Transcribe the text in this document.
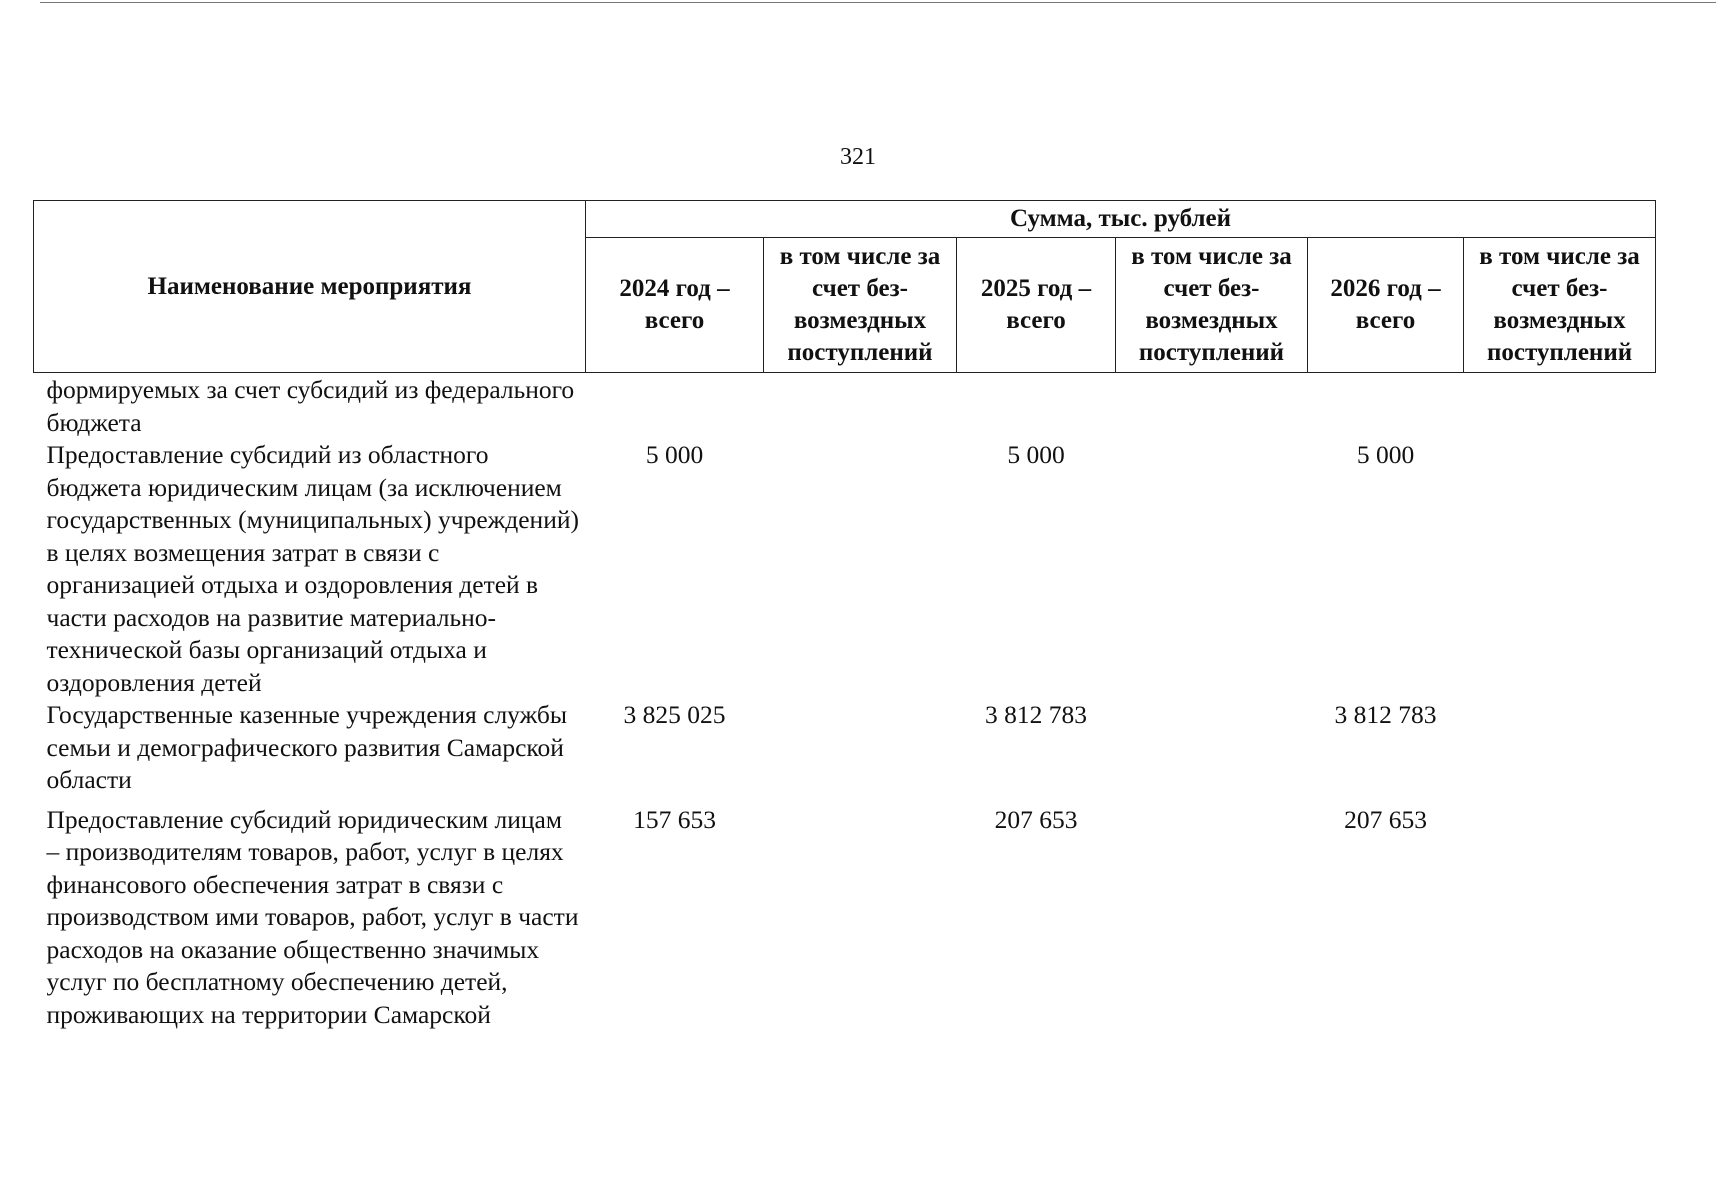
321
Наименование мероприятия	Сумма, тыс. рублей					
	2024 год – всего	в том числе за счет без-возмездных поступлений	2025 год – всего	в том числе за счет без-возмездных поступлений	2026 год – всего	в том числе за счет без-возмездных поступлений
формируемых за счет субсидий из федерального бюджета						
Предоставление субсидий из областного бюджета юридическим лицам (за исключением государственных (муниципальных) учреждений) в целях возмещения затрат в связи с организацией отдыха и оздоровления детей в части расходов на развитие материально-технической базы организаций отдыха и оздоровления детей	5 000		5 000		5 000	
Государственные казенные учреждения службы семьи и демографического развития Самарской области	3 825 025		3 812 783		3 812 783	
Предоставление субсидий юридическим лицам – производителям товаров, работ, услуг в целях финансового обеспечения затрат в связи с производством ими товаров, работ, услуг в части расходов на оказание общественно значимых услуг по бесплатному обеспечению детей, проживающих на территории Самарской	157 653		207 653		207 653	
